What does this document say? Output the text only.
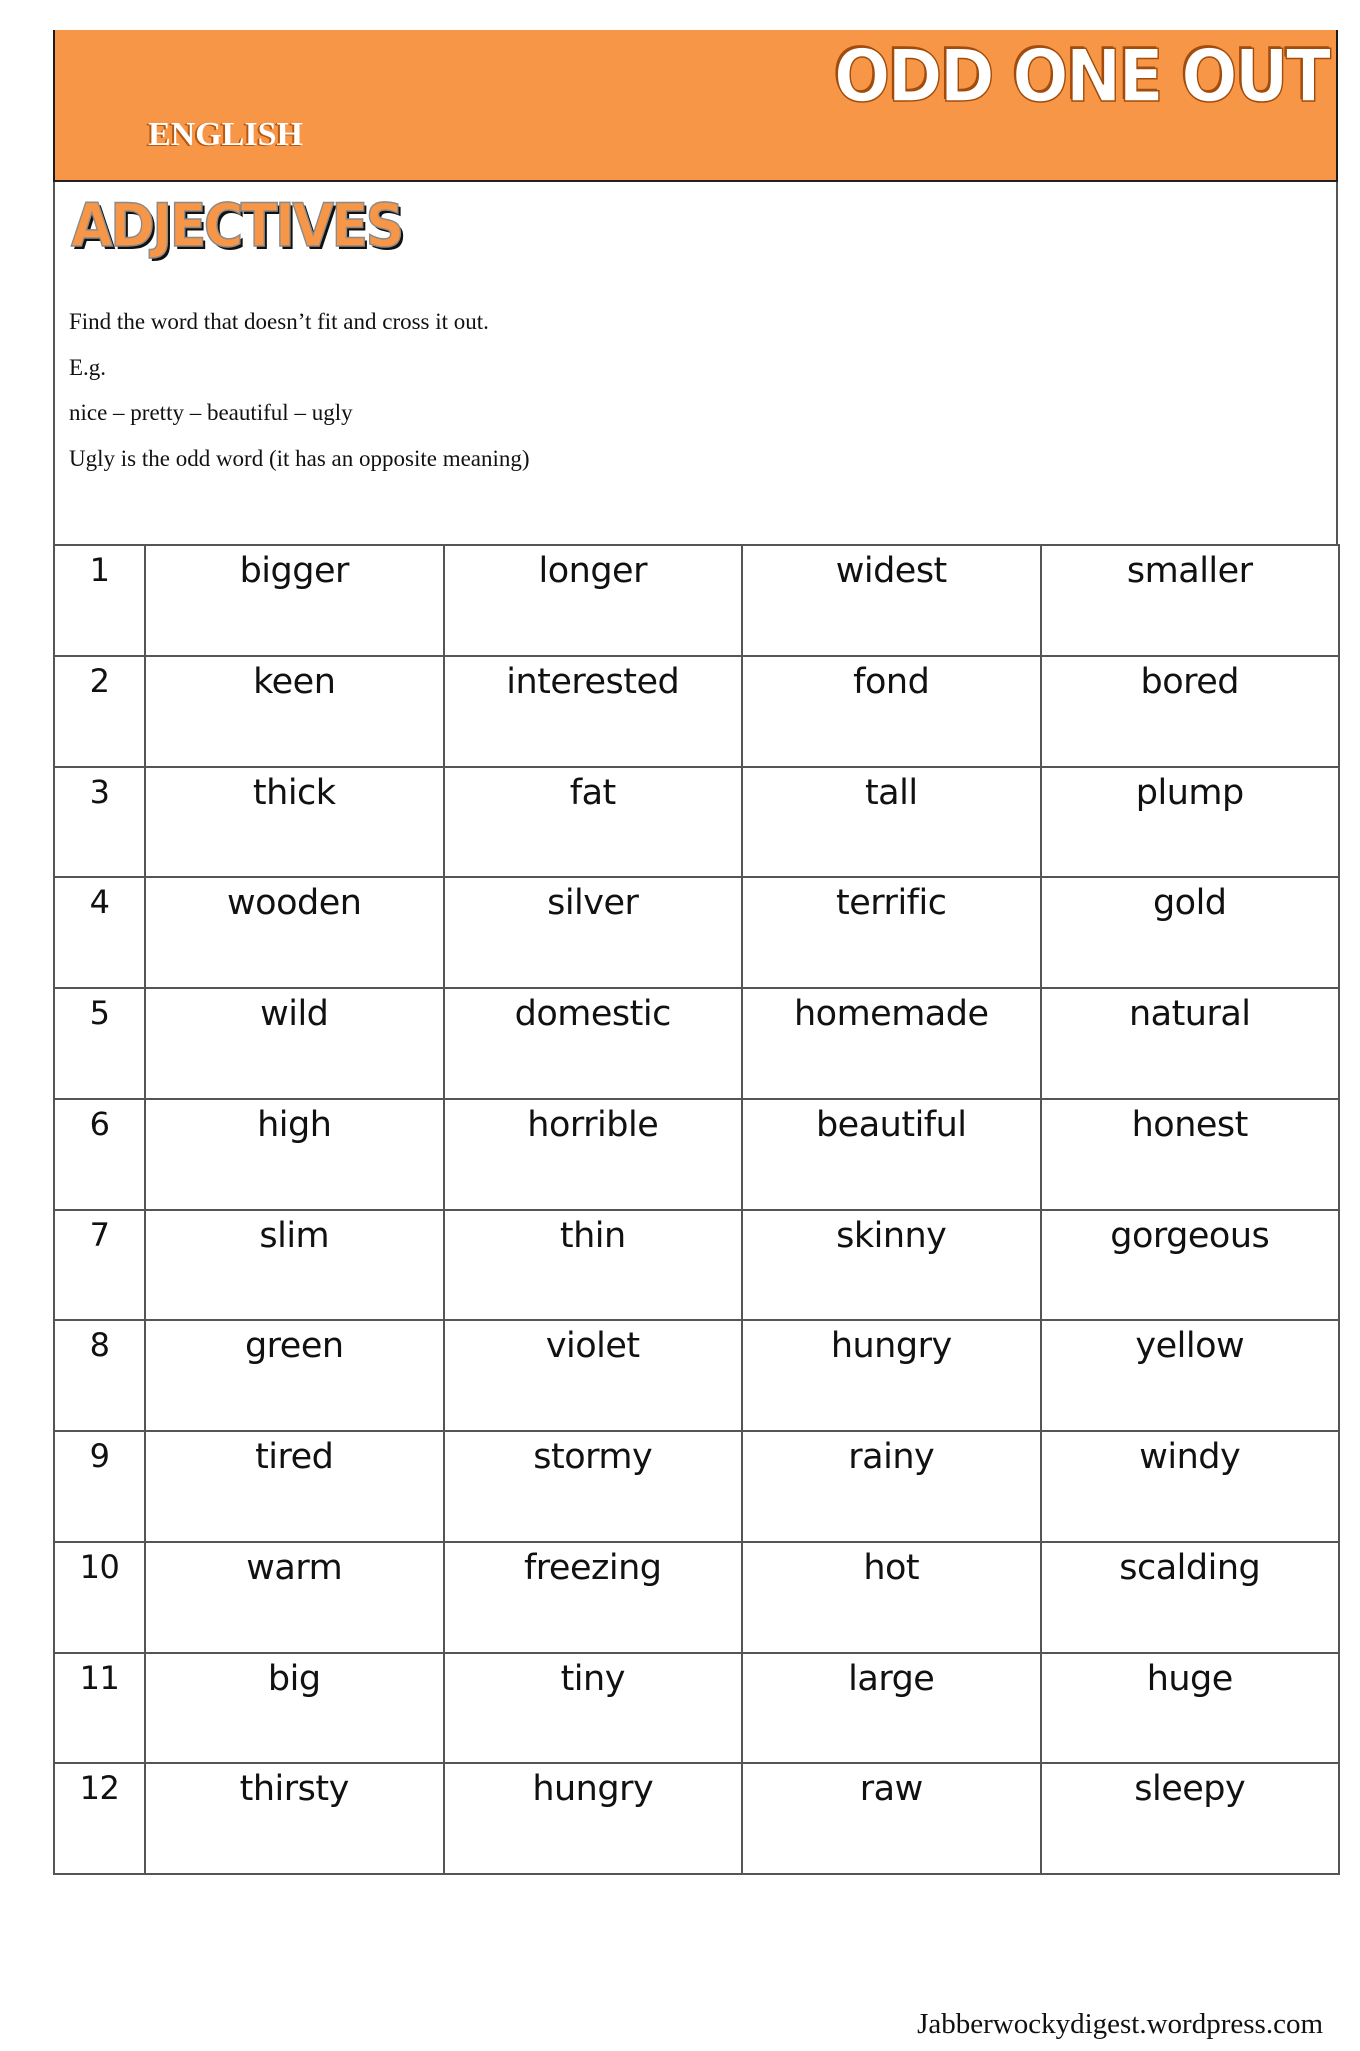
ENGLISH
ODD ONE OUT
ADJECTIVES
Find the word that doesn’t fit and cross it out.
E.g.
nice – pretty – beautiful – ugly
Ugly is the odd word (it has an opposite meaning)
1	bigger	longer	widest	smaller
2	keen	interested	fond	bored
3	thick	fat	tall	plump
4	wooden	silver	terrific	gold
5	wild	domestic	homemade	natural
6	high	horrible	beautiful	honest
7	slim	thin	skinny	gorgeous
8	green	violet	hungry	yellow
9	tired	stormy	rainy	windy
10	warm	freezing	hot	scalding
11	big	tiny	large	huge
12	thirsty	hungry	raw	sleepy
Jabberwockydigest.wordpress.com
